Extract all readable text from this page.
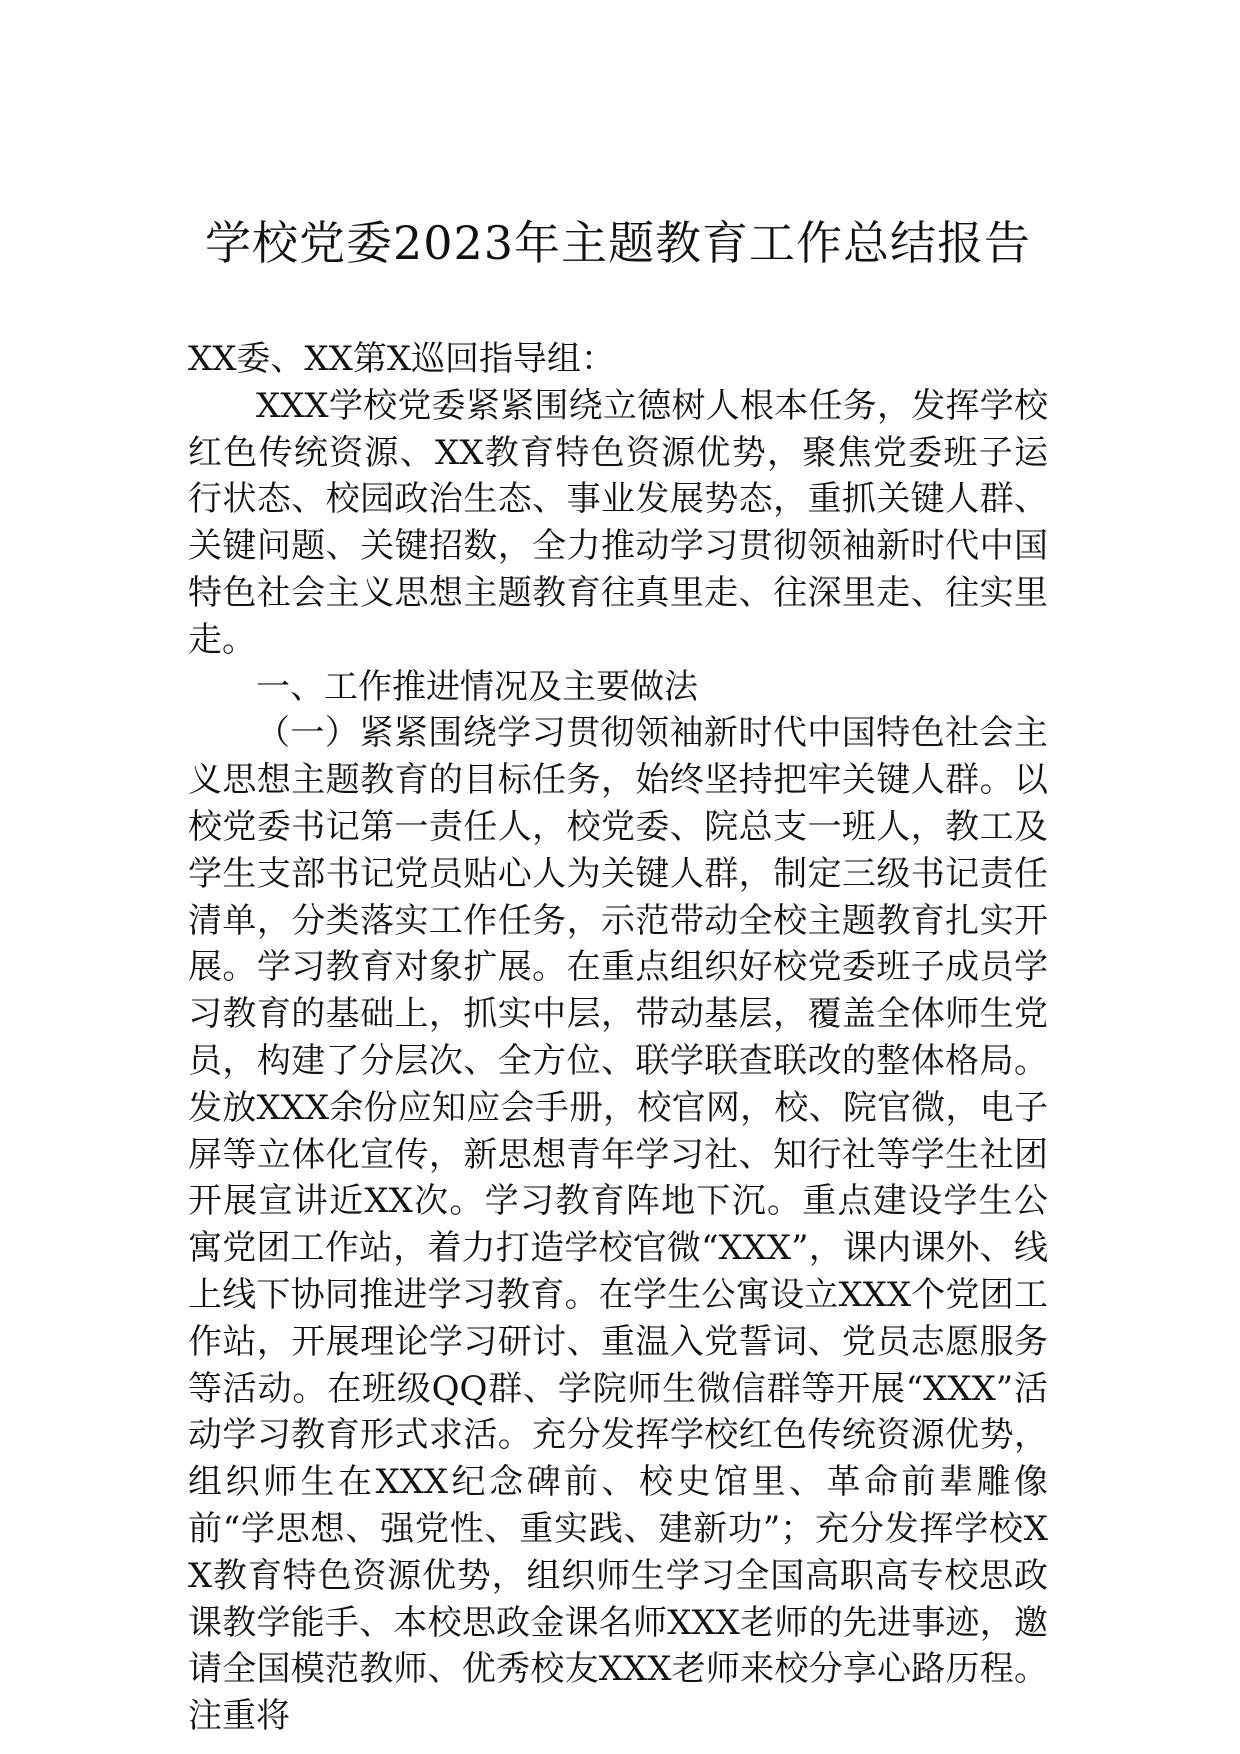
学校党委2023年主题教育工作总结报告

XX委、XX第X巡回指导组：

XXX学校党委紧紧围绕立德树人根本任务，发挥学校红色传统资源、XX教育特色资源优势，聚焦党委班子运行状态、校园政治生态、事业发展势态，重抓关键人群、关键问题、关键招数，全力推动学习贯彻领袖新时代中国特色社会主义思想主题教育往真里走、往深里走、往实里走。

一、工作推进情况及主要做法

（一）紧紧围绕学习贯彻领袖新时代中国特色社会主义思想主题教育的目标任务，始终坚持把牢关键人群。以校党委书记第一责任人，校党委、院总支一班人，教工及学生支部书记党员贴心人为关键人群，制定三级书记责任清单，分类落实工作任务，示范带动全校主题教育扎实开展。学习教育对象扩展。在重点组织好校党委班子成员学习教育的基础上，抓实中层，带动基层，覆盖全体师生党员，构建了分层次、全方位、联学联查联改的整体格局。发放XXX余份应知应会手册，校官网，校、院官微，电子屏等立体化宣传，新思想青年学习社、知行社等学生社团开展宣讲近XX次。学习教育阵地下沉。重点建设学生公寓党团工作站，着力打造学校官微“XXX”，课内课外、线上线下协同推进学习教育。在学生公寓设立XXX个党团工作站，开展理论学习研讨、重温入党誓词、党员志愿服务等活动。在班级QQ群、学院师生微信群等开展“XXX”活动学习教育形式求活。充分发挥学校红色传统资源优势，组织师生在XXX纪念碑前、校史馆里、革命前辈雕像前“学思想、强党性、重实践、建新功”；充分发挥学校XX教育特色资源优势，组织师生学习全国高职高专校思政课教学能手、本校思政金课名师XXX老师的先进事迹，邀请全国模范教师、优秀校友XXX老师来校分享心路历程。注重将
